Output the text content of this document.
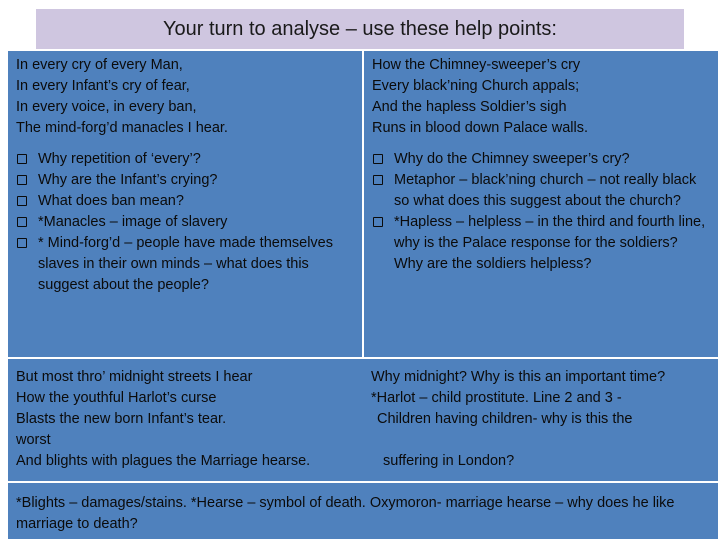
Your turn to analyse – use these help points:
In every cry of every Man,
In every Infant’s cry of fear,
In every voice, in every ban,
The mind-forg’d manacles I hear.
Why repetition of ‘every’?
Why are the Infant’s crying?
What does ban mean?
*Manacles – image of slavery
* Mind-forg’d – people have made themselves slaves in their own minds – what does this suggest about the people?
How the Chimney-sweeper’s cry
Every black’ning Church appals;
And the hapless Soldier’s sigh
Runs in blood down Palace walls.
Why do the Chimney sweeper’s cry?
Metaphor – black’ning church – not really black so what does this suggest about the church?
*Hapless – helpless – in the third and fourth line, why is the Palace response for the soldiers? Why are the soldiers helpless?
But most thro’ midnight streets I hear
How the youthful Harlot’s curse
Blasts the new born Infant’s tear.
worst
And blights with plagues the Marriage hearse.
Why midnight? Why is this an important time?
*Harlot – child prostitute. Line 2 and 3 -
Children having children- why is this the

suffering in London?
*Blights – damages/stains. *Hearse – symbol of death. Oxymoron- marriage hearse – why does he like marriage to death?
